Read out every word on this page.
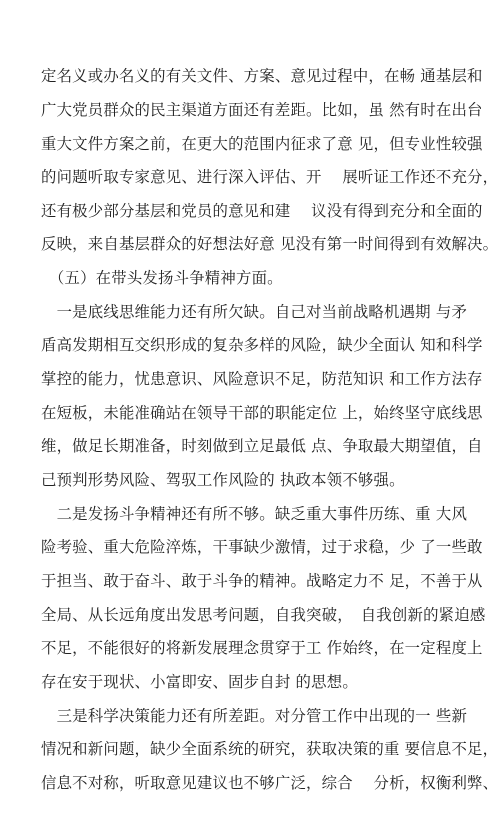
定名义或办名义的有关文件、方案、意见过程中，在畅 通基层和
广大党员群众的民主渠道方面还有差距。比如，虽 然有时在出台
重大文件方案之前，在更大的范围内征求了意 见，但专业性较强
的问题听取专家意见、进行深入评估、开　 展听证工作还不充分，
还有极少部分基层和党员的意见和建　 议没有得到充分和全面的
反映，来自基层群众的好想法好意 见没有第一时间得到有效解决。
　（五）在带头发扬斗争精神方面。
　一是底线思维能力还有所欠缺。自己对当前战略机遇期 与矛
盾高发期相互交织形成的复杂多样的风险，缺少全面认 知和科学
掌控的能力，忧患意识、风险意识不足，防范知识 和工作方法存
在短板，未能准确站在领导干部的职能定位 上，始终坚守底线思
维，做足长期准备，时刻做到立足最低 点、争取最大期望值，自
己预判形势风险、驾驭工作风险的 执政本领不够强。
　二是发扬斗争精神还有所不够。缺乏重大事件历练、重 大风
险考验、重大危险淬炼，干事缺少激情，过于求稳，少 了一些敢
于担当、敢于奋斗、敢于斗争的精神。战略定力不 足，不善于从
全局、从长远角度出发思考问题，自我突破，　自我创新的紧迫感
不足，不能很好的将新发展理念贯穿于工 作始终，在一定程度上
存在安于现状、小富即安、固步自封 的思想。
　三是科学决策能力还有所差距。对分管工作中出现的一 些新
情况和新问题，缺少全面系统的研究，获取决策的重 要信息不足，
信息不对称，听取意见建议也不够广泛，综合　 分析，权衡利弊、
